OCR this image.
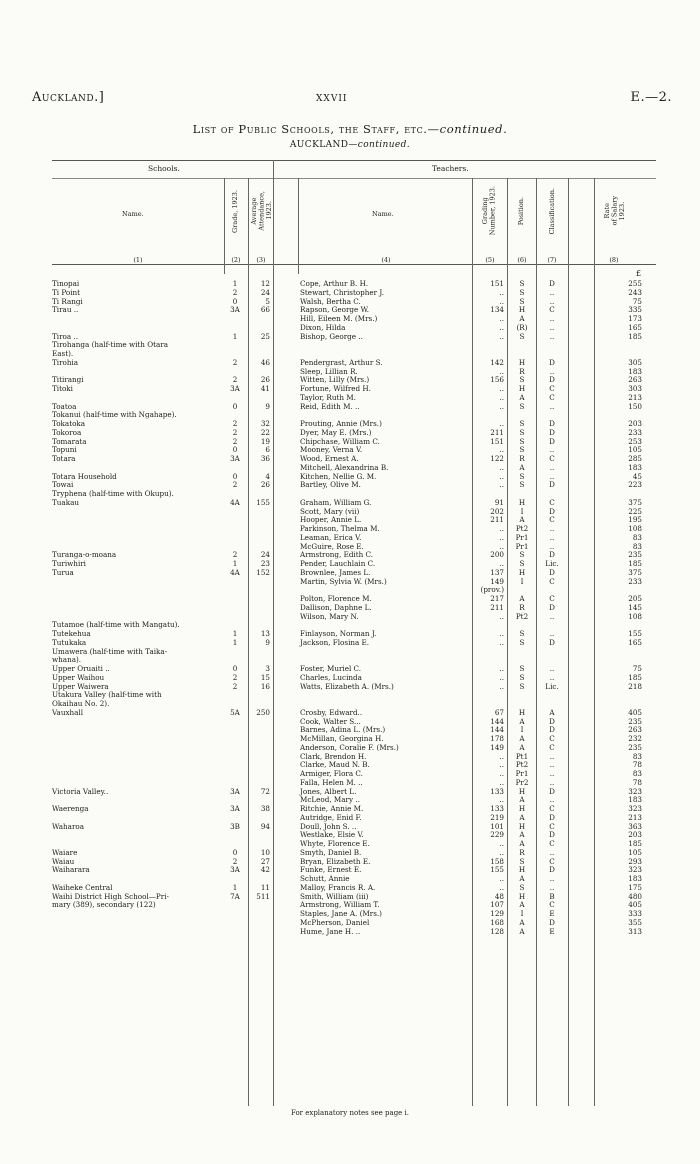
Auckland.]	xxvii	E.—2.
List of Public Schools, the Staff, etc.—continued.
AUCKLAND—continued.
Schools.	Teachers.
Name.	Grade, 1923. Average
Attendance,
1923.	Name.	Grading
Number, 1923.
Position.	Classification.	Rate
of Salary
1923.
(1)	(2)	(3)	(4)	(5)	(6)	(7)	(8)
£
Tinopai	1	12	Cope, Arthur B. H.	151	S	D	255
Ti Point	2	24	Stewart, Christopher J.	..	S	..	243
Ti Rangi	0	5	Walsh, Bertha C.	..	S	..	75
Tirau ..	3A	66	Rapson, George W.	134	H	C	335
Hill, Eileen M. (Mrs.)	..	A	..	173
Dixon, Hilda	..	(R)	..	165
Tiroa ..	1	25	Bishop, George ..	..	S	..	185
Tirohanga (half-time with Otara
East).
Tirohia	2	46	Pendergrast, Arthur S.	142	H	D	305
Sleep, Lillian R.	..	R	..	183
Titirangi	2	26	Witten, Lilly (Mrs.)	156	S	D	263
Titoki	3A	41	Fortune, Wilfred H.	..	H	C	303
Taylor, Ruth M.	..	A	C	213
Toatoa	0	9	Reid, Edith M. ..	..	S	..	150
Tokanui (half-time with Ngahape).
Tokatoka	2	32	Prouting, Annie (Mrs.)	..	S	D	203
Tokoroa	2	22	Dyer, May E. (Mrs.)	211	S	D	233
Tomarata	2	19	Chipchase, William C.	151	S	D	253
Topuni	0	6	Mooney, Verna V.	..	S	..	105
Totara	3A	36	Wood, Ernest A.	122	R	C	285
Mitchell, Alexandrina B.	..	A	..	183
Totara Household	0	4	Kitchen, Nellie G. M.	..	S	..	45
Towai	2	26	Bartley, Olive M.	..	S	D	223
Tryphena (half-time with Okupu).
Tuakau	4A	155	Graham, William G.	91	H	C	375
Scott, Mary (vii)	202	I	D	225
Hooper, Annie L.	211	A	C	195
Parkinson, Thelma M.	..	Pt2	..	108
Leaman, Erica V.	..	Pr1	..	83
McGuire, Rose E.	..	Pr1	..	83
Turanga-o-moana	2	24	Armstrong, Edith C.	200	S	D	235
Turiwhiri	1	23	Pender, Lauchlain C.	..	S	Lic.	185
Turua	4A	152	Brownlee, James L.	137	H	D	375
Martin, Sylvia W. (Mrs.)	149	I	C	233
(prov.)
Polton, Florence M.	217	A	C	205
Dallison, Daphne L.	211	R	D	145
Wilson, Mary N.	..	Pt2	..	108
Tutamoe (half-time with Mangatu).
Tutekehua	1	13	Finlayson, Norman J.	..	S	..	155
Tutukaka	1	9	Jackson, Flosina E.	..	S	D	165
Umawera (half-time with Taika-
whana).
Upper Oruaiti ..	0	3	Foster, Muriel C.	..	S	..	75
Upper Waihou	2	15	Charles, Lucinda	..	S	..	185
Upper Waiwera	2	16	Watts, Elizabeth A. (Mrs.)	..	S	Lic.	218
Utakura Valley (half-time with
Okaihau No. 2).
Vauxhall	5A	250	Crosby, Edward..	67	H	A	405
Cook, Walter S...	144	A	D	235
Barnes, Adina L. (Mrs.)	144	I	D	263
McMillan, Georgina H.	178	A	C	232
Anderson, Coralie F. (Mrs.)	149	A	C	235
Clark, Brendon H.	..	Pt1	..	83
Clarke, Maud N. B.	..	Pt2	..	78
Armiger, Flora C.	..	Pr1	..	83
Falla, Helen M. ..	..	Pr2	..	78
Victoria Valley..	3A	72	Jones, Albert L.	133	H	D	323
McLeod, Mary ..	..	A	..	183
Waerenga	3A	38	Ritchie, Annie M.	133	H	C	323
Autridge, Enid F.	219	A	D	213
Waharoa	3B	94	Doull, John S. ..	101	H	C	363
Westlake, Elsie V.	229	A	D	203
Whyte, Florence E.	..	A	C	185
Waiare	0	10	Smyth, Daniel B.	..	R	..	105
Waiau	2	27	Bryan, Elizabeth E.	158	S	C	293
Waiharara	3A	42	Funke, Ernest E.	155	H	D	323
Schutt, Annie	..	A	..	183
Waiheke Central	1	11	Malloy, Francis R. A.	..	S	..	175
Waihi District High School—Pri-	7A	511	Smith, William (iii)	48	H	B	480
mary (389), secondary (122)	Armstrong, William T.	107	A	C	405
Staples, Jane A. (Mrs.)	129	I	E	333
McPherson, Daniel	168	A	D	355
Hume, Jane H. ..	128	A	E	313
For explanatory notes see page i.
